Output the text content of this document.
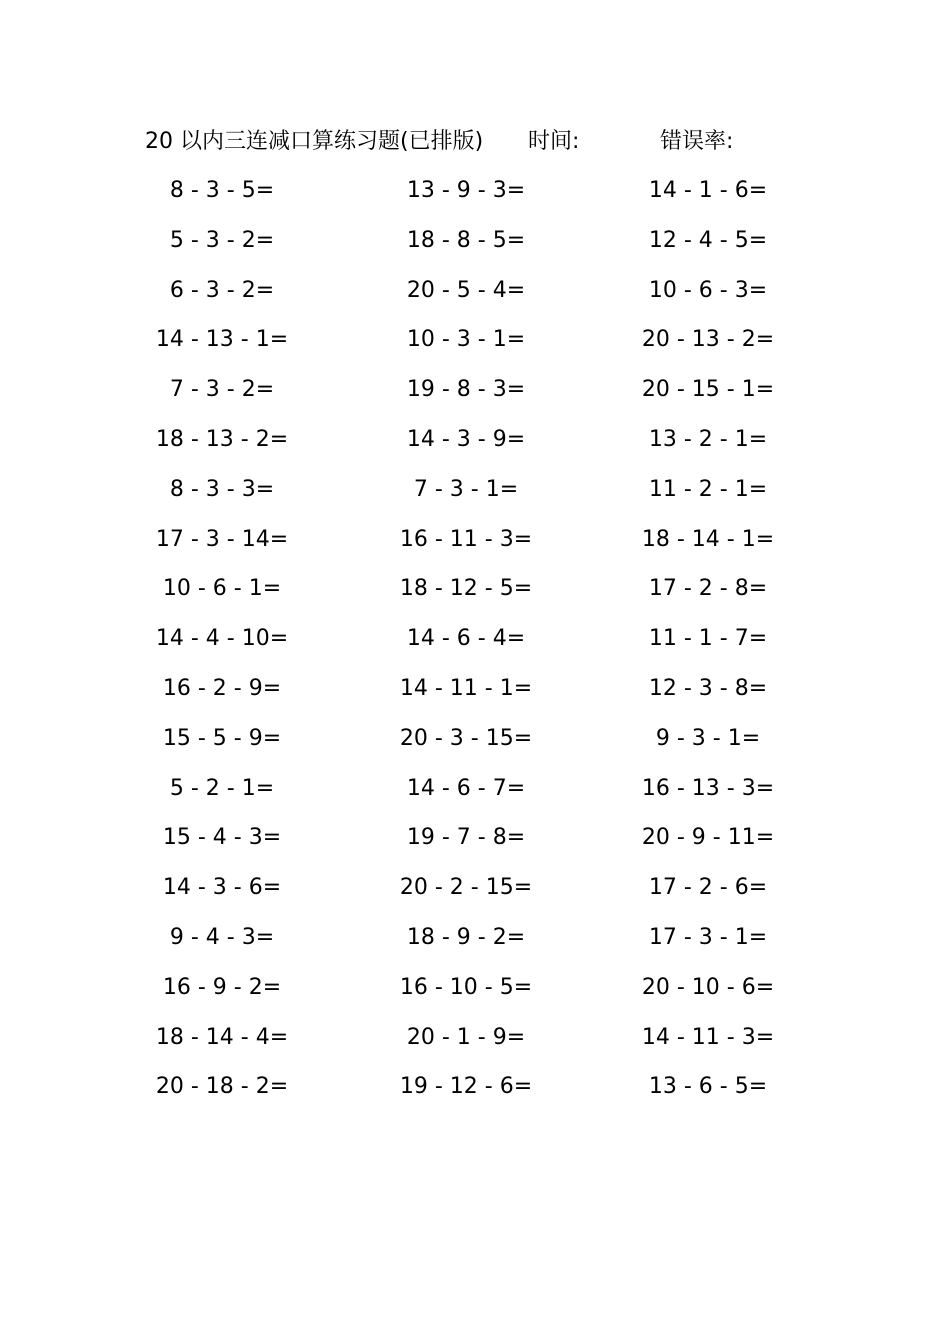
20 以内三连减口算练习题(已排版) 时间:	错误率:
8 - 3 - 5=	13 - 9 - 3=	14 - 1 - 6=
5 - 3 - 2=	18 - 8 - 5=	12 - 4 - 5=
6 - 3 - 2=	20 - 5 - 4=	10 - 6 - 3=
14 - 13 - 1=	10 - 3 - 1=	20 - 13 - 2=
7 - 3 - 2=	19 - 8 - 3=	20 - 15 - 1=
18 - 13 - 2=	14 - 3 - 9=	13 - 2 - 1=
8 - 3 - 3=	7 - 3 - 1=	11 - 2 - 1=
17 - 3 - 14=	16 - 11 - 3=	18 - 14 - 1=
10 - 6 - 1=	18 - 12 - 5=	17 - 2 - 8=
14 - 4 - 10=	14 - 6 - 4=	11 - 1 - 7=
16 - 2 - 9=	14 - 11 - 1=	12 - 3 - 8=
15 - 5 - 9=	20 - 3 - 15=	9 - 3 - 1=
5 - 2 - 1=	14 - 6 - 7=	16 - 13 - 3=
15 - 4 - 3=	19 - 7 - 8=	20 - 9 - 11=
14 - 3 - 6=	20 - 2 - 15=	17 - 2 - 6=
9 - 4 - 3=	18 - 9 - 2=	17 - 3 - 1=
16 - 9 - 2=	16 - 10 - 5=	20 - 10 - 6=
18 - 14 - 4=	20 - 1 - 9=	14 - 11 - 3=
20 - 18 - 2=	19 - 12 - 6=	13 - 6 - 5=
